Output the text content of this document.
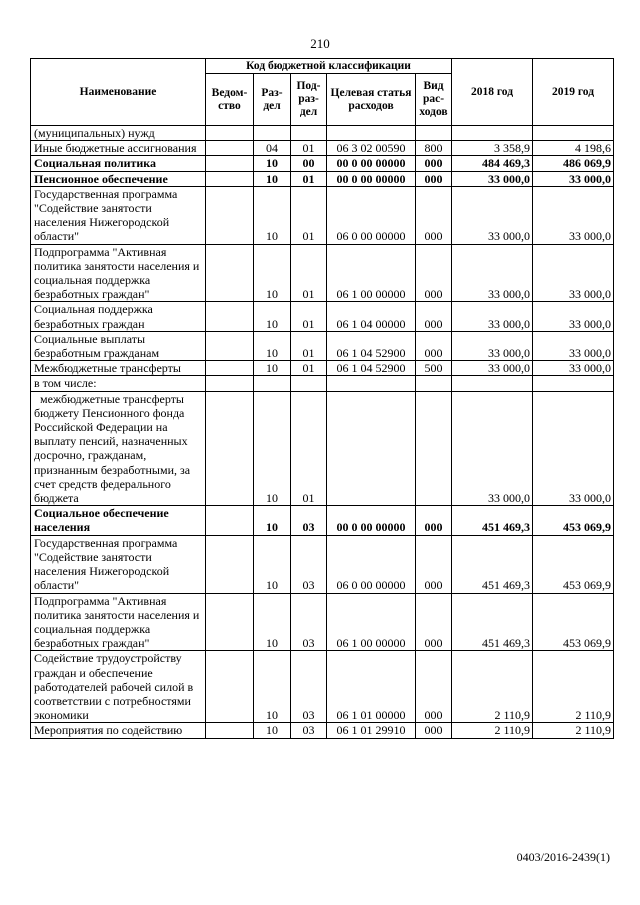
210
Наименование	Код бюджетной классификации					2018 год	2019 год
	Ведом-ство	Раз-дел	Под-раз-дел	Целевая статья расходов	Вид рас-ходов		
(муниципальных) нужд							
Иные бюджетные ассигнования		04	01	06 3 02 00590	800	3 358,9	4 198,6
Социальная политика		10	00	00 0 00 00000	000	484 469,3	486 069,9
Пенсионное обеспечение		10	01	00 0 00 00000	000	33 000,0	33 000,0
Государственная программа "Содействие занятости населения Нижегородской области"		10	01	06 0 00 00000	000	33 000,0	33 000,0
Подпрограмма "Активная политика занятости населения и социальная поддержка безработных граждан"		10	01	06 1 00 00000	000	33 000,0	33 000,0
Социальная поддержка безработных граждан		10	01	06 1 04 00000	000	33 000,0	33 000,0
Социальные выплаты безработным гражданам		10	01	06 1 04 52900	000	33 000,0	33 000,0
Межбюджетные трансферты		10	01	06 1 04 52900	500	33 000,0	33 000,0
в том числе:							
межбюджетные трансферты бюджету Пенсионного фонда Российской Федерации на выплату пенсий, назначенных досрочно, гражданам, признанным безработными, за счет средств федерального бюджета		10	01			33 000,0	33 000,0
Социальное обеспечение населения		10	03	00 0 00 00000	000	451 469,3	453 069,9
Государственная программа "Содействие занятости населения Нижегородской области"		10	03	06 0 00 00000	000	451 469,3	453 069,9
Подпрограмма "Активная политика занятости населения и социальная поддержка безработных граждан"		10	03	06 1 00 00000	000	451 469,3	453 069,9
Содействие трудоустройству граждан и обеспечение работодателей рабочей силой в соответствии с потребностями экономики		10	03	06 1 01 00000	000	2 110,9	2 110,9
Мероприятия по содействию		10	03	06 1 01 29910	000	2 110,9	2 110,9
0403/2016-2439(1)
